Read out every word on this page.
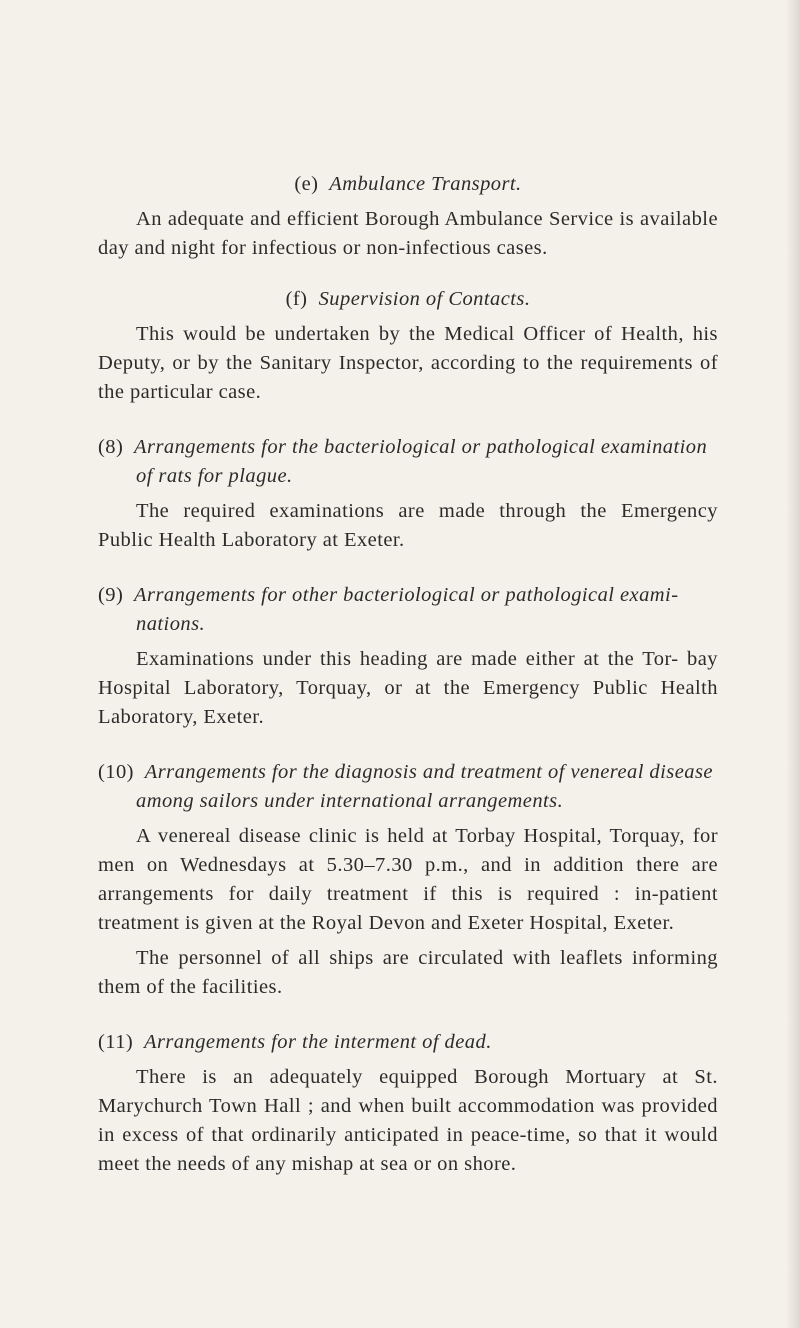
(e) Ambulance Transport.

An adequate and efficient Borough Ambulance Service is available day and night for infectious or non-infectious cases.

(f) Supervision of Contacts.

This would be undertaken by the Medical Officer of Health, his Deputy, or by the Sanitary Inspector, according to the requirements of the particular case.

(8) Arrangements for the bacteriological or pathological examination of rats for plague.

The required examinations are made through the Emergency Public Health Laboratory at Exeter.

(9) Arrangements for other bacteriological or pathological exami- nations.

Examinations under this heading are made either at the Tor- bay Hospital Laboratory, Torquay, or at the Emergency Public Health Laboratory, Exeter.

(10) Arrangements for the diagnosis and treatment of venereal disease among sailors under international arrangements.

A venereal disease clinic is held at Torbay Hospital, Torquay, for men on Wednesdays at 5.30–7.30 p.m., and in addition there are arrangements for daily treatment if this is required : in-patient treatment is given at the Royal Devon and Exeter Hospital, Exeter.

The personnel of all ships are circulated with leaflets informing them of the facilities.

(11) Arrangements for the interment of dead.

There is an adequately equipped Borough Mortuary at St. Marychurch Town Hall ; and when built accommodation was provided in excess of that ordinarily anticipated in peace-time, so that it would meet the needs of any mishap at sea or on shore.
